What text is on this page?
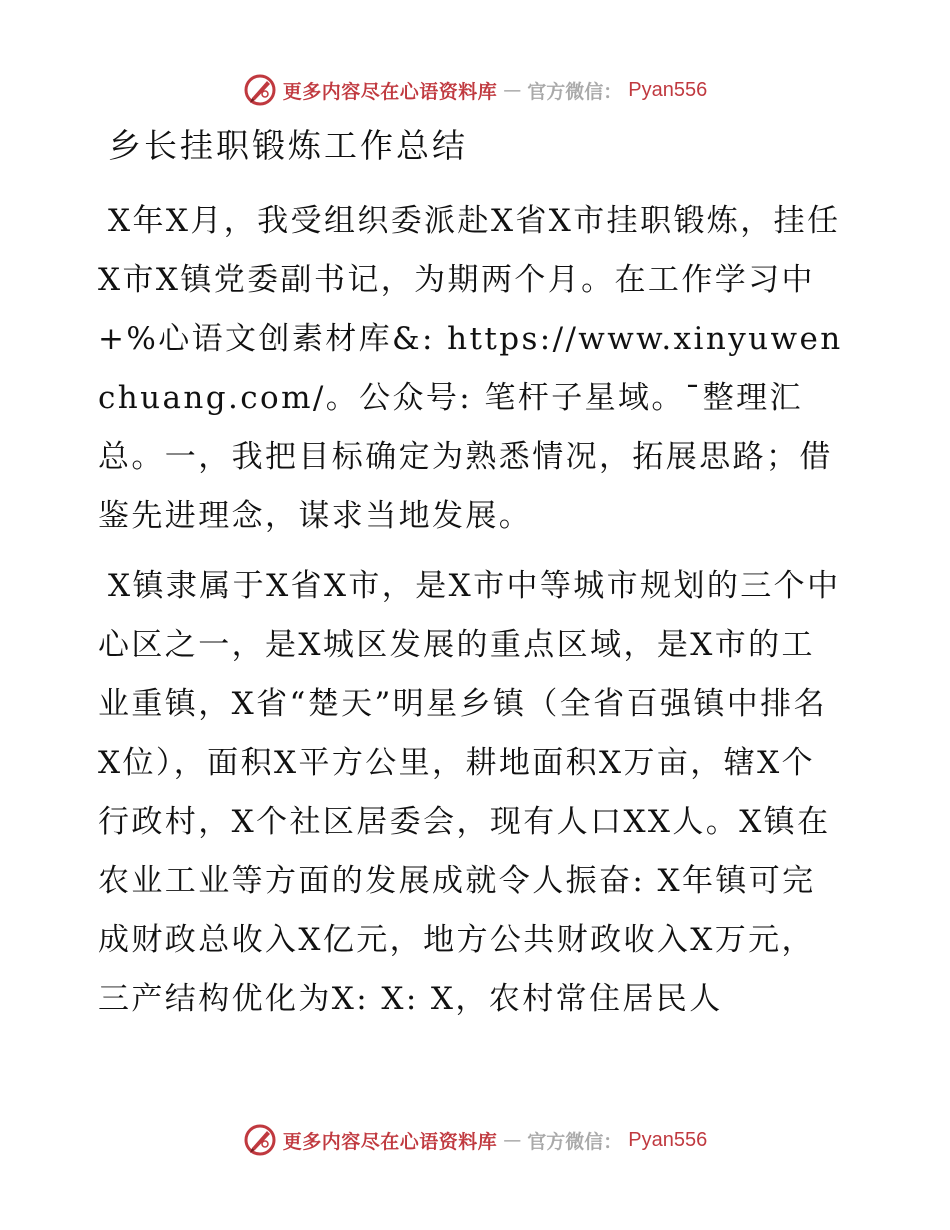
更多内容尽在心语资料库 — 官方微信： Pyan556
乡长挂职锻炼工作总结
X年X月，我受组织委派赴X省X市挂职锻炼，挂任X市X镇党委副书记，为期两个月。在工作学习中+%心语文创素材库&: https://www.xinyuwenchuang.com/。公众号: 笔杆子星域。¯整理汇总。一，我把目标确定为熟悉情况，拓展思路；借鉴先进理念，谋求当地发展。
X镇隶属于X省X市，是X市中等城市规划的三个中心区之一，是X城区发展的重点区域，是X市的工业重镇，X省“楚天”明星乡镇（全省百强镇中排名X位），面积X平方公里，耕地面积X万亩，辖X个行政村，X个社区居委会，现有人口XX人。X镇在农业工业等方面的发展成就令人振奋: X年镇可完成财政总收入X亿元，地方公共财政收入X万元，三产结构优化为X: X: X，农村常住居民人
更多内容尽在心语资料库 — 官方微信： Pyan556
